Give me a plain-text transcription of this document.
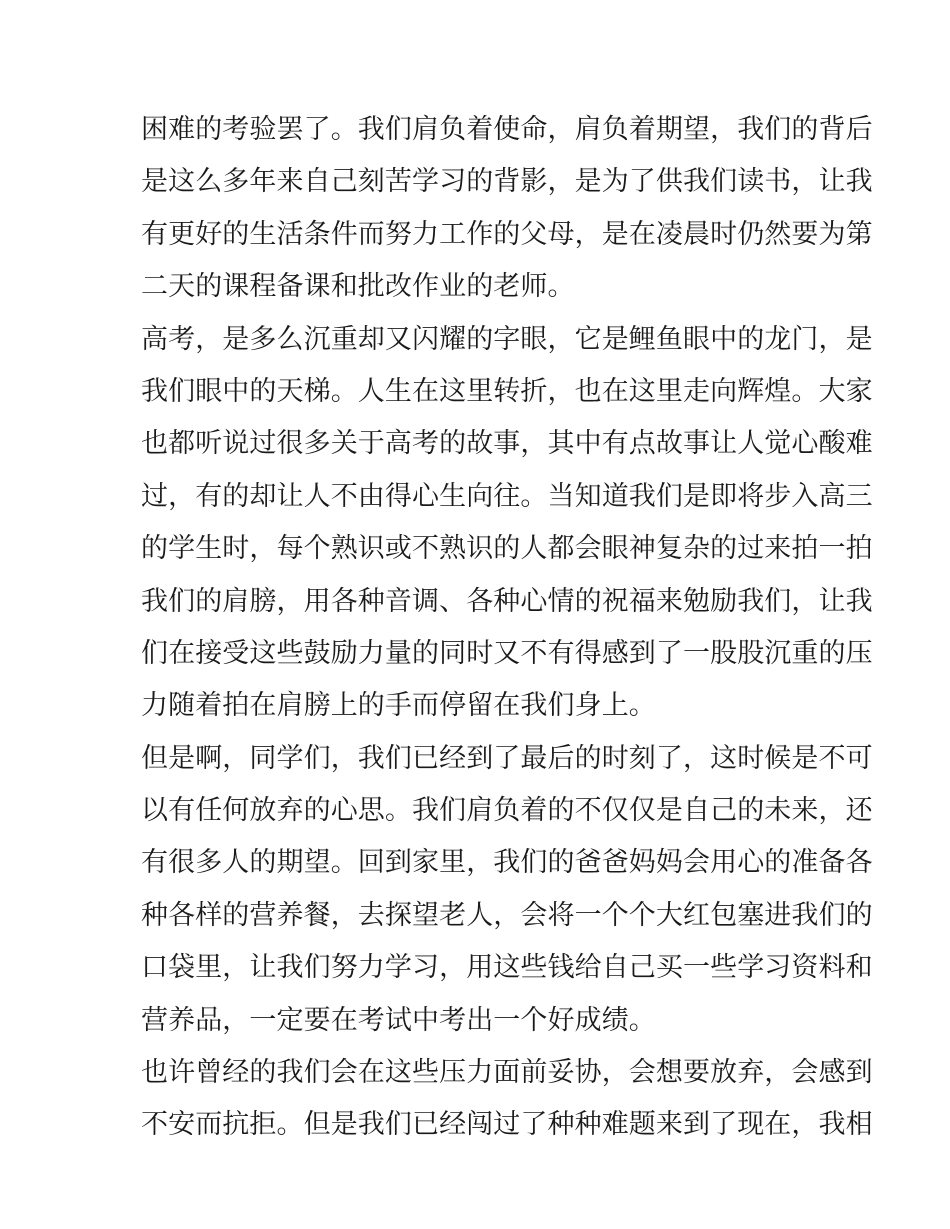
困难的考验罢了。我们肩负着使命，肩负着期望，我们的背后
是这么多年来自己刻苦学习的背影，是为了供我们读书，让我
有更好的生活条件而努力工作的父母，是在凌晨时仍然要为第
二天的课程备课和批改作业的老师。
高考，是多么沉重却又闪耀的字眼，它是鲤鱼眼中的龙门，是
我们眼中的天梯。人生在这里转折，也在这里走向辉煌。大家
也都听说过很多关于高考的故事，其中有点故事让人觉心酸难
过，有的却让人不由得心生向往。当知道我们是即将步入高三
的学生时，每个熟识或不熟识的人都会眼神复杂的过来拍一拍
我们的肩膀，用各种音调、各种心情的祝福来勉励我们，让我
们在接受这些鼓励力量的同时又不有得感到了一股股沉重的压
力随着拍在肩膀上的手而停留在我们身上。
但是啊，同学们，我们已经到了最后的时刻了，这时候是不可
以有任何放弃的心思。我们肩负着的不仅仅是自己的未来，还
有很多人的期望。回到家里，我们的爸爸妈妈会用心的准备各
种各样的营养餐，去探望老人，会将一个个大红包塞进我们的
口袋里，让我们努力学习，用这些钱给自己买一些学习资料和
营养品，一定要在考试中考出一个好成绩。
也许曾经的我们会在这些压力面前妥协，会想要放弃，会感到
不安而抗拒。但是我们已经闯过了种种难题来到了现在，我相
